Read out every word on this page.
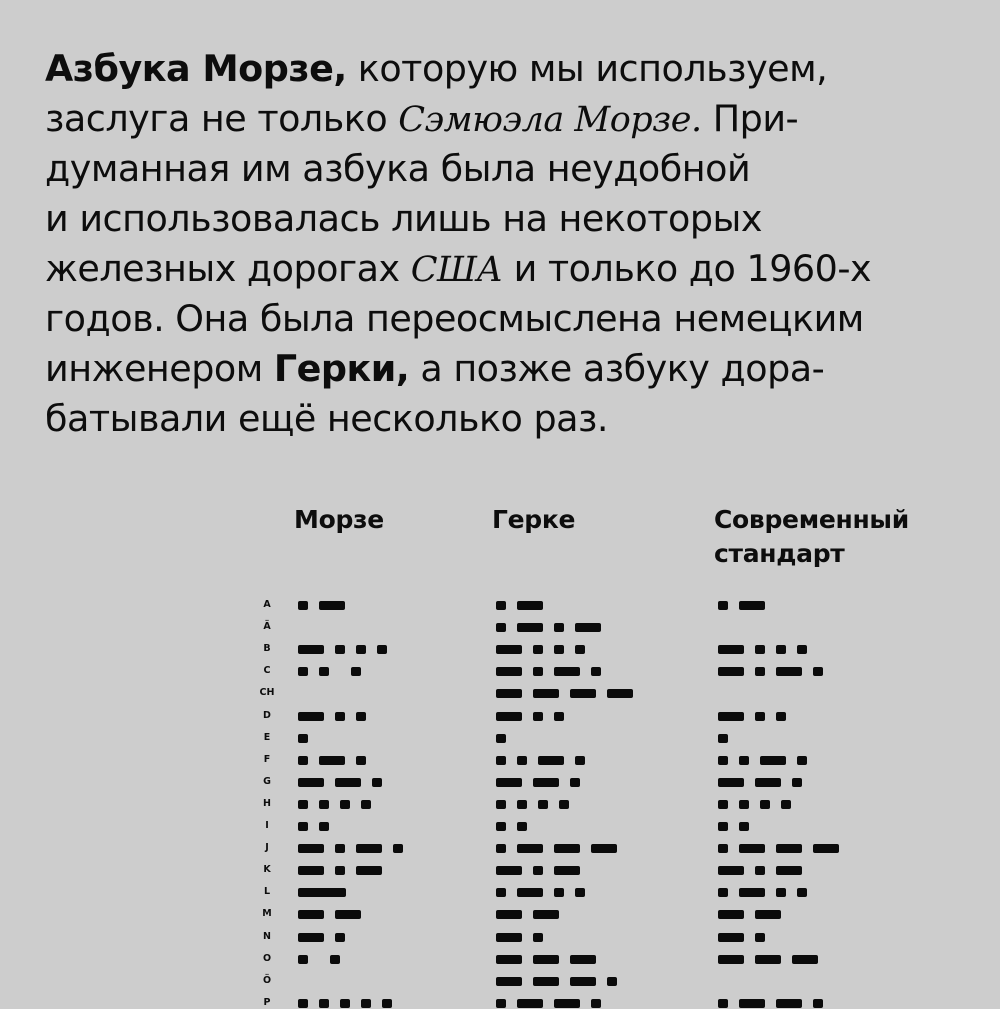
Азбука Морзе, которую мы используем,
заслуга не только Сэмюэла Морзе. При-
думанная им азбука была неудобной
и использовалась лишь на некоторых
железных дорогах США и только до 1960-х
годов. Она была переосмыслена немецким
инженером Герки, а позже азбуку дора-
батывали ещё несколько раз.
Морзе	Герке	Современный
стандарт
A
Ä
B
C
CH
D
E
F
G
H
I
J
K
L
M
N
O
Ö
P
